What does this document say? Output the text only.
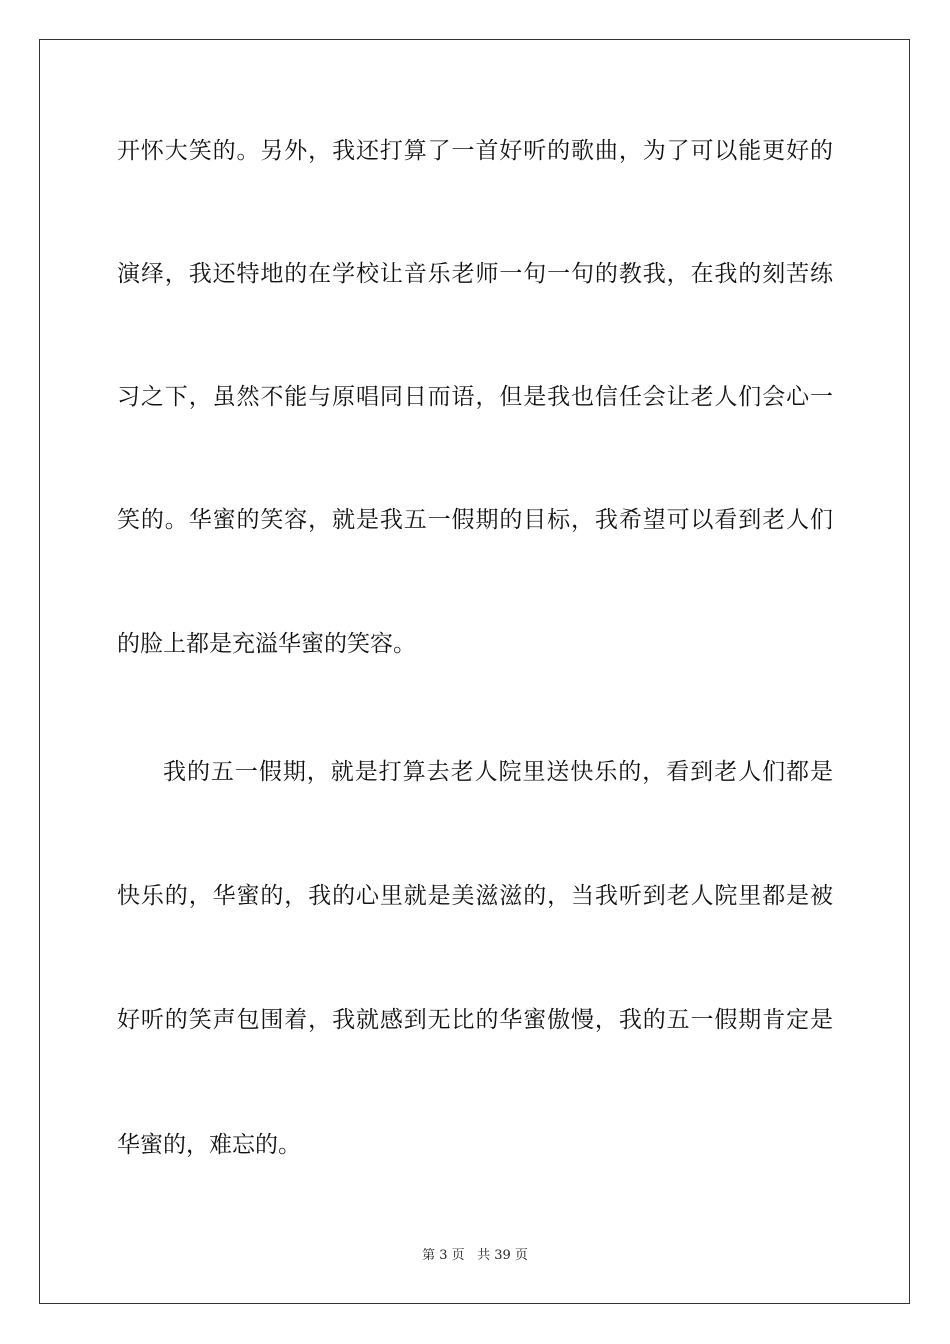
开怀大笑的。另外，我还打算了一首好听的歌曲，为了可以能更好的
演绎，我还特地的在学校让音乐老师一句一句的教我，在我的刻苦练
习之下，虽然不能与原唱同日而语，但是我也信任会让老人们会心一
笑的。华蜜的笑容，就是我五一假期的目标，我希望可以看到老人们
的脸上都是充溢华蜜的笑容。
我的五一假期，就是打算去老人院里送快乐的，看到老人们都是
快乐的，华蜜的，我的心里就是美滋滋的，当我听到老人院里都是被
好听的笑声包围着，我就感到无比的华蜜傲慢，我的五一假期肯定是
华蜜的，难忘的。
第 3 页 共 39 页
